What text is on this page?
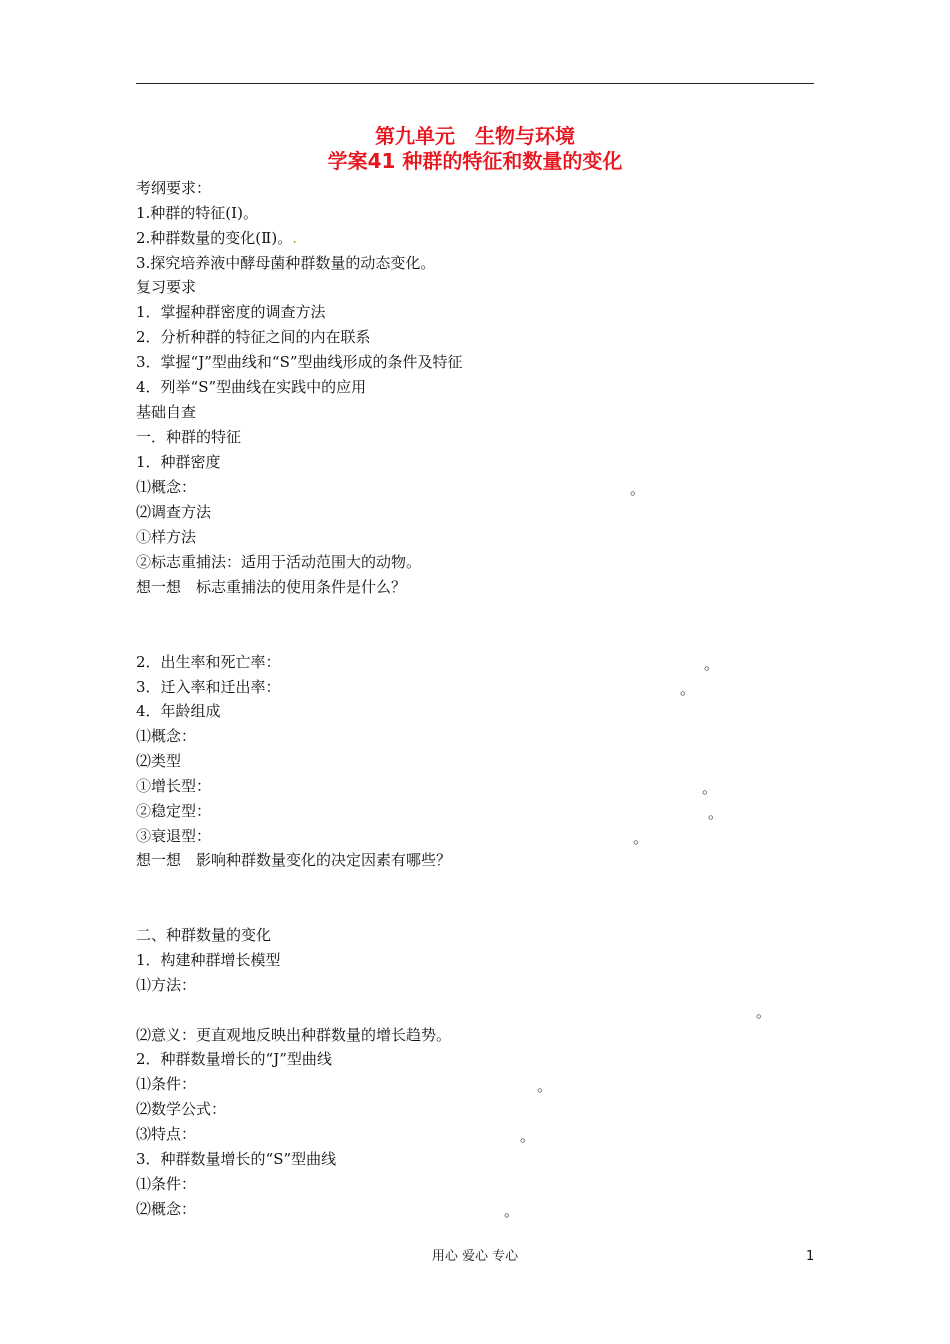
第九单元　生物与环境
学案41 种群的特征和数量的变化
考纲要求：
1.种群的特征(Ⅰ)。
2.种群数量的变化(Ⅱ)。.
3.探究培养液中酵母菌种群数量的动态变化。
复习要求
1．掌握种群密度的调查方法
2．分析种群的特征之间的内在联系
3．掌握“J”型曲线和“S”型曲线形成的条件及特征
4．列举“S”型曲线在实践中的应用
基础自查
一．种群的特征
1．种群密度
⑴概念：	。
⑵调查方法
①样方法
②标志重捕法：适用于活动范围大的动物。
想一想　标志重捕法的使用条件是什么？
2．出生率和死亡率：	。
3．迁入率和迁出率：	。
4．年龄组成
⑴概念：
⑵类型
①增长型：	。
②稳定型：	。
③衰退型：	。
想一想　影响种群数量变化的决定因素有哪些？
二、种群数量的变化
1．构建种群增长模型
⑴方法：
。
⑵意义：更直观地反映出种群数量的增长趋势。
2．种群数量增长的“J”型曲线
⑴条件：	。
⑵数学公式：
⑶特点：	。
3．种群数量增长的“S”型曲线
⑴条件：
⑵概念：	。
用心 爱心 专心	1
